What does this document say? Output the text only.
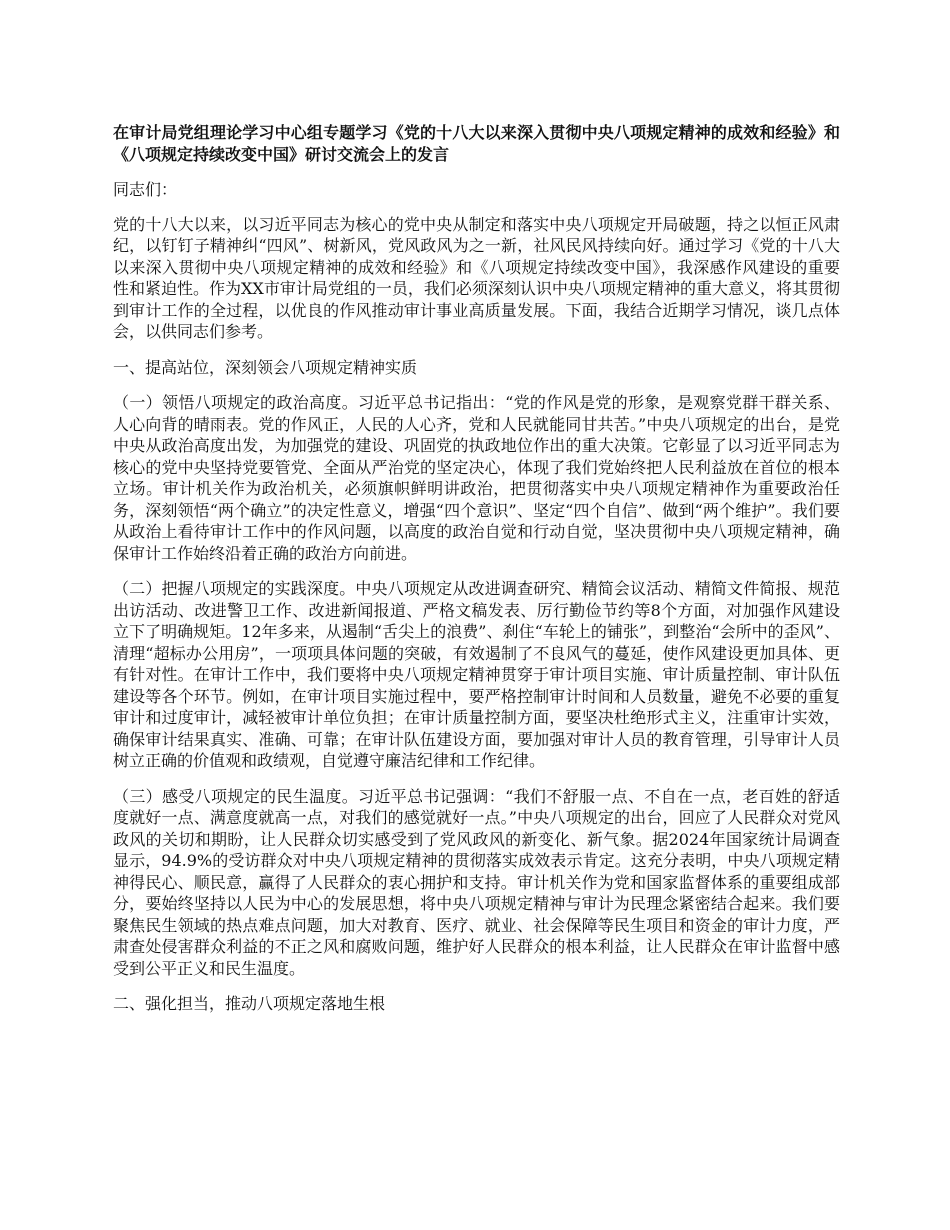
在审计局党组理论学习中心组专题学习《党的十八大以来深入贯彻中央八项规定精神的成效和经验》和《八项规定持续改变中国》研讨交流会上的发言

同志们：

党的十八大以来，以习近平同志为核心的党中央从制定和落实中央八项规定开局破题，持之以恒正风肃纪，以钉钉子精神纠“四风”、树新风，党风政风为之一新，社风民风持续向好。通过学习《党的十八大以来深入贯彻中央八项规定精神的成效和经验》和《八项规定持续改变中国》，我深感作风建设的重要性和紧迫性。作为XX市审计局党组的一员，我们必须深刻认识中央八项规定精神的重大意义，将其贯彻到审计工作的全过程，以优良的作风推动审计事业高质量发展。下面，我结合近期学习情况，谈几点体会，以供同志们参考。

一、提高站位，深刻领会八项规定精神实质

（一）领悟八项规定的政治高度。习近平总书记指出：“党的作风是党的形象，是观察党群干群关系、人心向背的晴雨表。党的作风正，人民的人心齐，党和人民就能同甘共苦。”中央八项规定的出台，是党中央从政治高度出发，为加强党的建设、巩固党的执政地位作出的重大决策。它彰显了以习近平同志为核心的党中央坚持党要管党、全面从严治党的坚定决心，体现了我们党始终把人民利益放在首位的根本立场。审计机关作为政治机关，必须旗帜鲜明讲政治，把贯彻落实中央八项规定精神作为重要政治任务，深刻领悟“两个确立”的决定性意义，增强“四个意识”、坚定“四个自信”、做到“两个维护”。我们要从政治上看待审计工作中的作风问题，以高度的政治自觉和行动自觉，坚决贯彻中央八项规定精神，确保审计工作始终沿着正确的政治方向前进。

（二）把握八项规定的实践深度。中央八项规定从改进调查研究、精简会议活动、精简文件简报、规范出访活动、改进警卫工作、改进新闻报道、严格文稿发表、厉行勤俭节约等8个方面，对加强作风建设立下了明确规矩。12年多来，从遏制“舌尖上的浪费”、刹住“车轮上的铺张”，到整治“会所中的歪风”、清理“超标办公用房”，一项项具体问题的突破，有效遏制了不良风气的蔓延，使作风建设更加具体、更有针对性。在审计工作中，我们要将中央八项规定精神贯穿于审计项目实施、审计质量控制、审计队伍建设等各个环节。例如，在审计项目实施过程中，要严格控制审计时间和人员数量，避免不必要的重复审计和过度审计，减轻被审计单位负担；在审计质量控制方面，要坚决杜绝形式主义，注重审计实效，确保审计结果真实、准确、可靠；在审计队伍建设方面，要加强对审计人员的教育管理，引导审计人员树立正确的价值观和政绩观，自觉遵守廉洁纪律和工作纪律。

（三）感受八项规定的民生温度。习近平总书记强调：“我们不舒服一点、不自在一点，老百姓的舒适度就好一点、满意度就高一点，对我们的感觉就好一点。”中央八项规定的出台，回应了人民群众对党风政风的关切和期盼，让人民群众切实感受到了党风政风的新变化、新气象。据2024年国家统计局调查显示，94.9%的受访群众对中央八项规定精神的贯彻落实成效表示肯定。这充分表明，中央八项规定精神得民心、顺民意，赢得了人民群众的衷心拥护和支持。审计机关作为党和国家监督体系的重要组成部分，要始终坚持以人民为中心的发展思想，将中央八项规定精神与审计为民理念紧密结合起来。我们要聚焦民生领域的热点难点问题，加大对教育、医疗、就业、社会保障等民生项目和资金的审计力度，严肃查处侵害群众利益的不正之风和腐败问题，维护好人民群众的根本利益，让人民群众在审计监督中感受到公平正义和民生温度。

二、强化担当，推动八项规定落地生根
